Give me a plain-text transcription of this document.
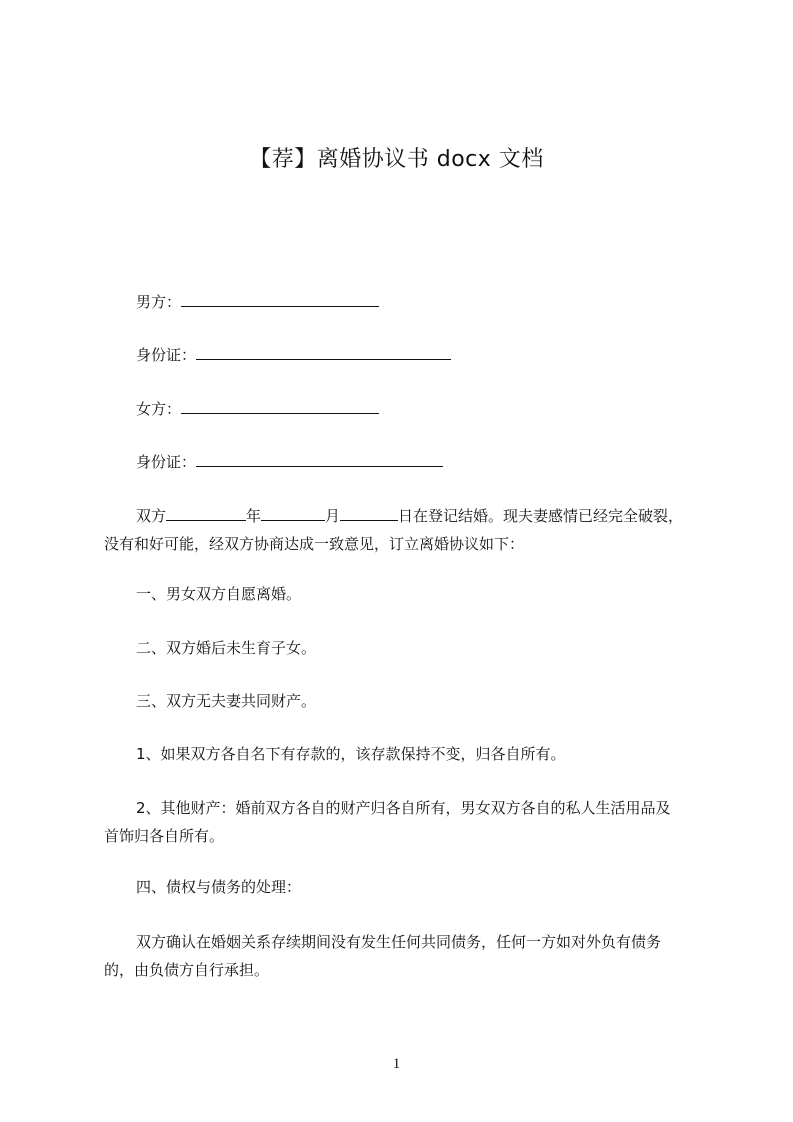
【荐】离婚协议书 docx 文档
男方：
身份证：
女方：
身份证：
双方	年	月	日在登记结婚。现夫妻感情已经完全破裂，
没有和好可能，经双方协商达成一致意见，订立离婚协议如下：
一、男女双方自愿离婚。
二、双方婚后未生育子女。
三、双方无夫妻共同财产。
1、如果双方各自名下有存款的，该存款保持不变，归各自所有。
2、其他财产：婚前双方各自的财产归各自所有，男女双方各自的私人生活用品及
首饰归各自所有。
四、债权与债务的处理：
双方确认在婚姻关系存续期间没有发生任何共同债务，任何一方如对外负有债务
的，由负债方自行承担。
1
